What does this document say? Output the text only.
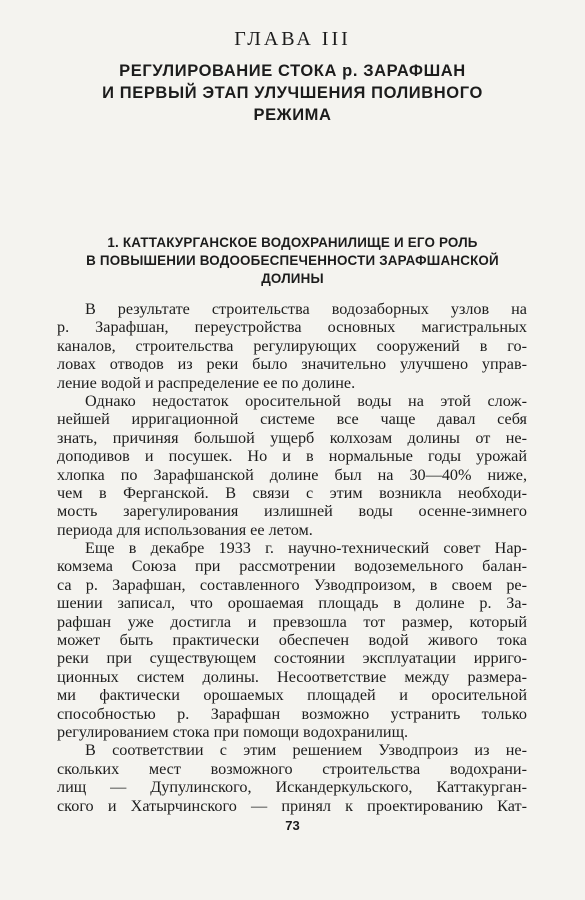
ГЛАВА III
РЕГУЛИРОВАНИЕ СТОКА р. ЗАРАФШАН
И ПЕРВЫЙ ЭТАП УЛУЧШЕНИЯ ПОЛИВНОГО
РЕЖИМА
1. КАТТАКУРГАНСКОЕ ВОДОХРАНИЛИЩЕ И ЕГО РОЛЬ
В ПОВЫШЕНИИ ВОДООБЕСПЕЧЕННОСТИ ЗАРАФШАНСКОЙ
ДОЛИНЫ
В результате строительства водозаборных узлов на
р. Зарафшан, переустройства основных магистральных
каналов, строительства регулирующих сооружений в го-
ловах отводов из реки было значительно улучшено управ-
ление водой и распределение ее по долине.
Однако недостаток оросительной воды на этой слож-
нейшей ирригационной системе все чаще давал себя
знать, причиняя большой ущерб колхозам долины от не-
доподивов и посушек. Но и в нормальные годы урожай
хлопка по Зарафшанской долине был на 30—40% ниже,
чем в Ферганской. В связи с этим возникла необходи-
мость зарегулирования излишней воды осенне-зимнего
периода для использования ее летом.
Еще в декабре 1933 г. научно-технический совет Нар-
комзема Союза при рассмотрении водоземельного балан-
са р. Зарафшан, составленного Узводпроизом, в своем ре-
шении записал, что орошаемая площадь в долине р. За-
рафшан уже достигла и превзошла тот размер, который
может быть практически обеспечен водой живого тока
реки при существующем состоянии эксплуатации ирриго-
ционных систем долины. Несоответствие между размера-
ми фактически орошаемых площадей и оросительной
способностью р. Зарафшан возможно устранить только
регулированием стока при помощи водохранилищ.
В соответствии с этим решением Узводпроиз из не-
скольких мест возможного строительства водохрани-
лищ — Дупулинского, Искандеркульского, Каттакурган-
ского и Хатырчинского — принял к проектированию Кат-
73
